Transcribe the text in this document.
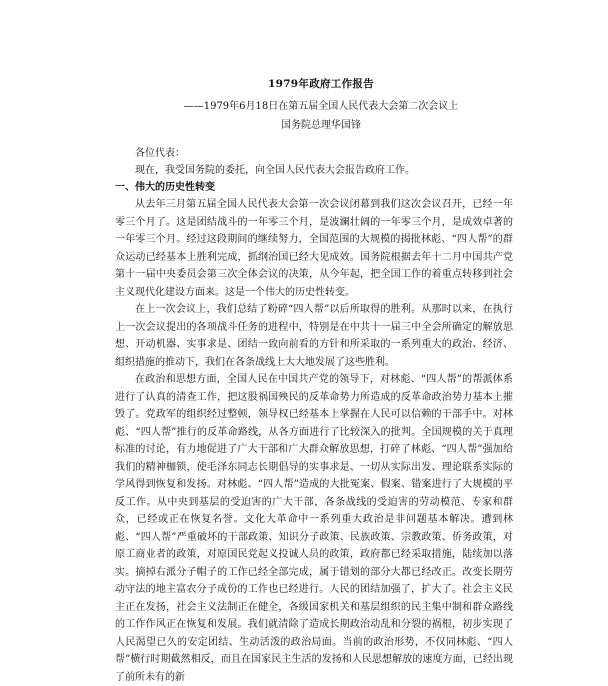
1979年政府工作报告
——1979年6月18日在第五届全国人民代表大会第二次会议上
国务院总理华国锋

各位代表：

现在，我受国务院的委托，向全国人民代表大会报告政府工作。

一、伟大的历史性转变

从去年三月第五届全国人民代表大会第一次会议闭幕到我们这次会议召开，已经一年零三个月了。这是团结战斗的一年零三个月，是波澜壮阔的一年零三个月，是成效卓著的一年零三个月。经过这段期间的继续努力，全国范围的大规模的揭批林彪、“四人帮”的群众运动已经基本上胜利完成，抓纲治国已经大见成效。国务院根据去年十二月中国共产党第十一届中央委员会第三次全体会议的决策，从今年起，把全国工作的着重点转移到社会主义现代化建设方面来。这是一个伟大的历史性转变。

在上一次会议上，我们总结了粉碎“四人帮”以后所取得的胜利。从那时以来，在执行上一次会议提出的各项战斗任务的进程中，特别是在中共十一届三中全会所确定的解放思想、开动机器、实事求是、团结一致向前看的方针和所采取的一系列重大的政治、经济、组织措施的推动下，我们在各条战线上大大地发展了这些胜利。

在政治和思想方面，全国人民在中国共产党的领导下，对林彪、“四人帮”的帮派体系进行了认真的清查工作，把这股祸国殃民的反革命势力所造成的反革命政治势力基本上摧毁了。党政军的组织经过整顿，领导权已经基本上掌握在人民可以信赖的干部手中。对林彪、“四人帮”推行的反革命路线，从各方面进行了比较深入的批判。全国规模的关于真理标准的讨论，有力地促进了广大干部和广大群众解放思想，打碎了林彪、“四人帮”强加给我们的精神枷锁，使毛泽东同志长期倡导的实事求是、一切从实际出发、理论联系实际的学风得到恢复和发扬。对林彪、“四人帮”造成的大批冤案、假案、错案进行了大规模的平反工作。从中央到基层的受迫害的广大干部，各条战线的受迫害的劳动模范、专家和群众，已经或正在恢复名誉。文化大革命中一系列重大政治是非问题基本解决。遭到林彪、“四人帮”严重破坏的干部政策、知识分子政策、民族政策、宗教政策、侨务政策，对原工商业者的政策，对原国民党起义投诚人员的政策，政府都已经采取措施，陆续加以落实。摘掉右派分子帽子的工作已经全部完成，属于错划的部分大都已经改正。改变长期劳动守法的地主富农分子成份的工作也已经进行。人民的团结加强了，扩大了。社会主义民主正在发扬，社会主义法制正在健全，各级国家机关和基层组织的民主集中制和群众路线的工作作风正在恢复和发展。我们就清除了造成长期政治动乱和分裂的祸根，初步实现了人民渴望已久的安定团结、生动活泼的政治局面。当前的政治形势，不仅同林彪、“四人帮”横行时期截然相反，而且在国家民主生活的发扬和人民思想解放的速度方面，已经出现了前所未有的新
